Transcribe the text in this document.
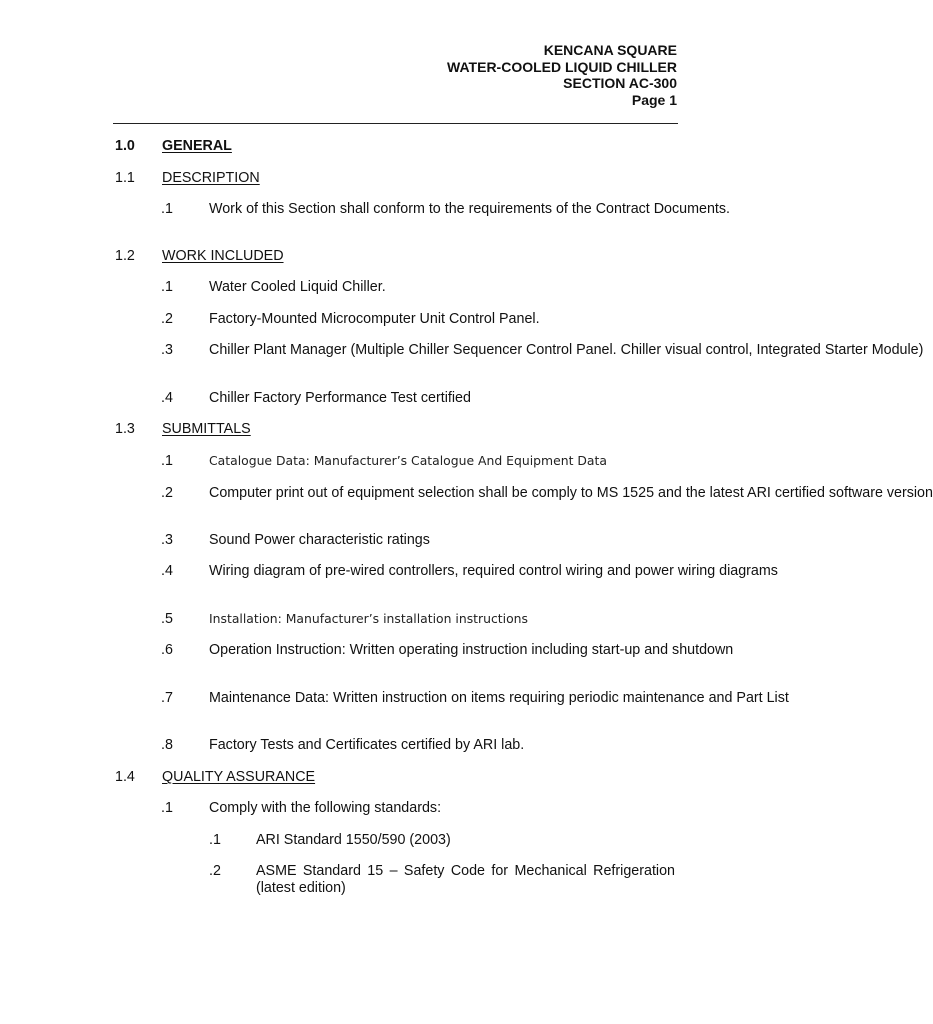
KENCANA SQUARE
WATER-COOLED LIQUID CHILLER
SECTION AC-300
Page 1
1.0 GENERAL
1.1 DESCRIPTION
.1	Work of this Section shall conform to the requirements of the Contract Documents.
1.2 WORK INCLUDED
.1	Water Cooled Liquid Chiller.
.2	Factory-Mounted Microcomputer Unit Control Panel.
.3	Chiller Plant Manager (Multiple Chiller Sequencer Control Panel. Chiller visual control, Integrated Starter Module)
.4	Chiller Factory Performance Test certified
1.3 SUBMITTALS
.1	Catalogue Data: Manufacturer’s Catalogue And Equipment Data
.2	Computer print out of equipment selection shall be comply to MS 1525 and the latest ARI certified software version
.3	Sound Power characteristic ratings
.4	Wiring diagram of pre-wired controllers, required control wiring and power wiring diagrams
.5	Installation: Manufacturer’s installation instructions
.6	Operation Instruction: Written operating instruction including start-up and shutdown
.7	Maintenance Data: Written instruction on items requiring periodic maintenance and Part List
.8	Factory Tests and Certificates certified by ARI lab.
1.4 QUALITY ASSURANCE
.1	Comply with the following standards:
.1 ARI Standard 1550/590 (2003)
.2 ASME Standard 15 – Safety Code for Mechanical Refrigeration (latest edition)
